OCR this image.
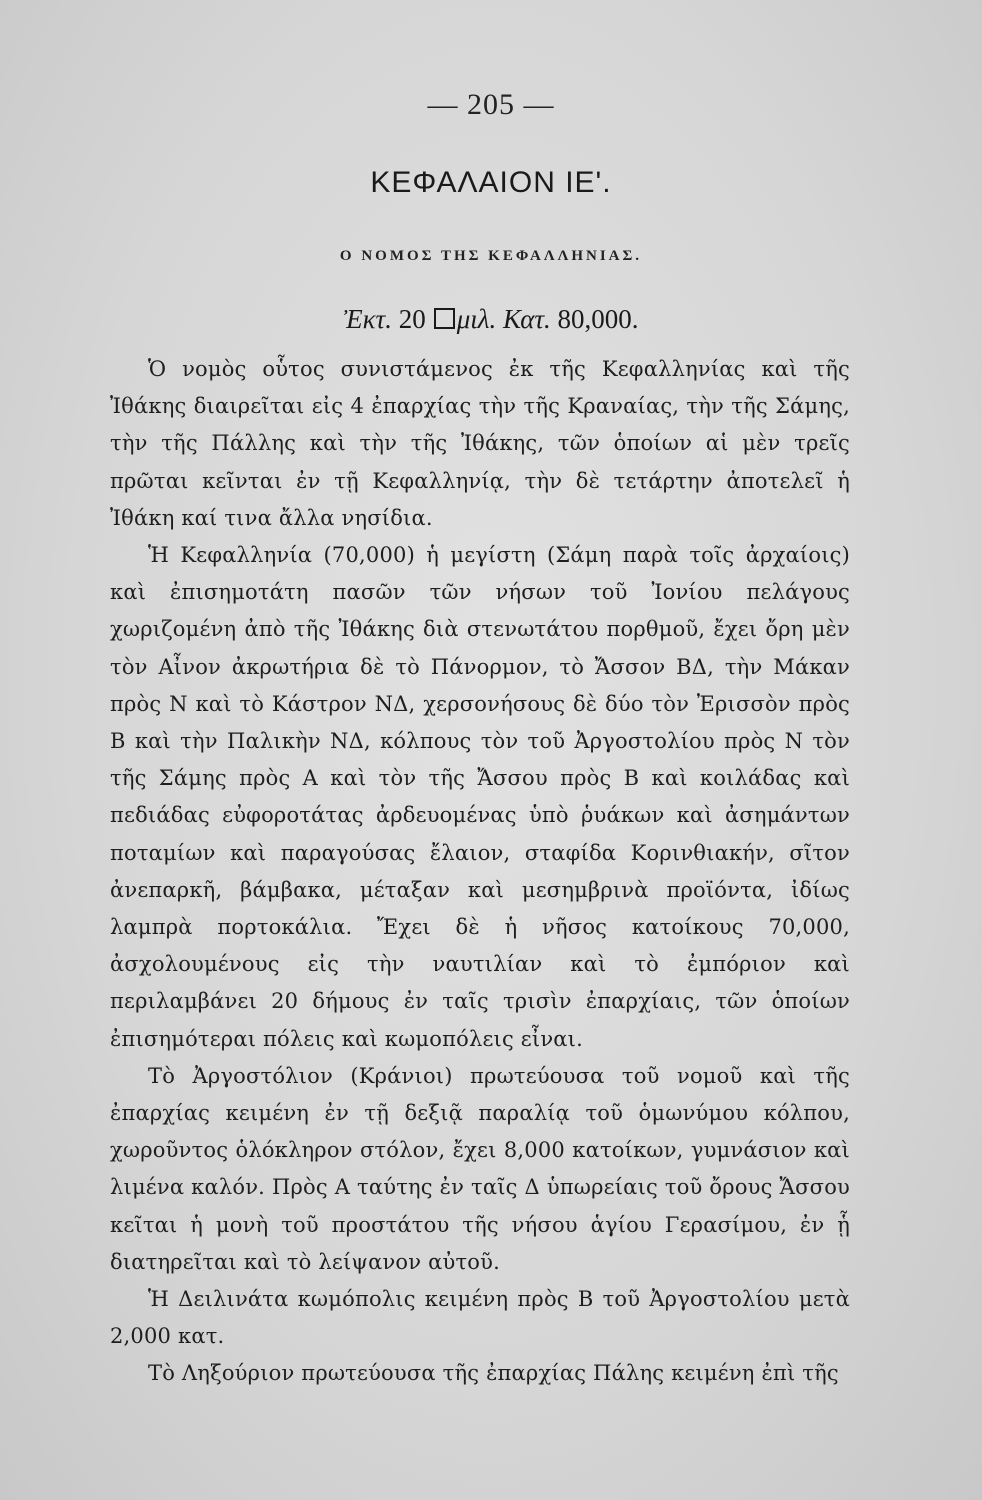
— 205 —
ΚΕΦΑΛΑΙΟΝ ΙΕʹ.
Ο ΝΟΜΟΣ ΤΗΣ ΚΕΦΑΛΛΗΝΙΑΣ.
Ἐκτ. 20 μιλ. Κατ. 80,000.

Ὁ νομὸς οὗτος συνιστάμενος ἐκ τῆς Κεφαλληνίας καὶ τῆς Ἰθάκης διαιρεῖται εἰς 4 ἐπαρχίας τὴν τῆς Κραναίας, τὴν τῆς Σάμης, τὴν τῆς Πάλλης καὶ τὴν τῆς Ἰθάκης, τῶν ὁποίων αἱ μὲν τρεῖς πρῶται κεῖνται ἐν τῇ Κεφαλληνίᾳ, τὴν δὲ τετάρτην ἀποτελεῖ ἡ Ἰθάκη καί τινα ἄλλα νησίδια.

Ἡ Κεφαλληνία (70,000) ἡ μεγίστη (Σάμη παρὰ τοῖς ἀρχαίοις) καὶ ἐπισημοτάτη πασῶν τῶν νήσων τοῦ Ἰονίου πελάγους χωριζομένη ἀπὸ τῆς Ἰθάκης διὰ στενωτάτου πορθμοῦ, ἔχει ὄρη μὲν τὸν Αἶνον ἀκρωτήρια δὲ τὸ Πάνορμον, τὸ Ἄσσον ΒΔ, τὴν Μάκαν πρὸς Ν καὶ τὸ Κάστρον ΝΔ, χερσονήσους δὲ δύο τὸν Ἐρισσὸν πρὸς Β καὶ τὴν Παλικὴν ΝΔ, κόλπους τὸν τοῦ Ἀργοστολίου πρὸς Ν τὸν τῆς Σάμης πρὸς Α καὶ τὸν τῆς Ἄσσου πρὸς Β καὶ κοιλάδας καὶ πεδιάδας εὐφοροτάτας ἀρδευομένας ὑπὸ ῥυάκων καὶ ἀσημάντων ποταμίων καὶ παραγούσας ἔλαιον, σταφίδα Κορινθιακήν, σῖτον ἀνεπαρκῆ, βάμβακα, μέταξαν καὶ μεσημβρινὰ προϊόντα, ἰδίως λαμπρὰ πορτοκάλια. Ἔχει δὲ ἡ νῆσος κατοίκους 70,000, ἀσχολουμένους εἰς τὴν ναυτιλίαν καὶ τὸ ἐμπόριον καὶ περιλαμβάνει 20 δήμους ἐν ταῖς τρισὶν ἐπαρχίαις, τῶν ὁποίων ἐπισημότεραι πόλεις καὶ κωμοπόλεις εἶναι.

Τὸ Ἀργοστόλιον (Κράνιοι) πρωτεύουσα τοῦ νομοῦ καὶ τῆς ἐπαρχίας κειμένη ἐν τῇ δεξιᾷ παραλίᾳ τοῦ ὁμωνύμου κόλπου, χωροῦντος ὁλόκληρον στόλον, ἔχει 8,000 κατοίκων, γυμνάσιον καὶ λιμένα καλόν. Πρὸς Α ταύτης ἐν ταῖς Δ ὑπωρείαις τοῦ ὄρους Ἄσσου κεῖται ἡ μονὴ τοῦ προστάτου τῆς νήσου ἁγίου Γερασίμου, ἐν ᾗ διατηρεῖται καὶ τὸ λείψανον αὐτοῦ.

Ἡ Δειλινάτα κωμόπολις κειμένη πρὸς Β τοῦ Ἀργοστολίου μετὰ 2,000 κατ.

Τὸ Ληξούριον πρωτεύουσα τῆς ἐπαρχίας Πάλης κειμένη ἐπὶ τῆς
